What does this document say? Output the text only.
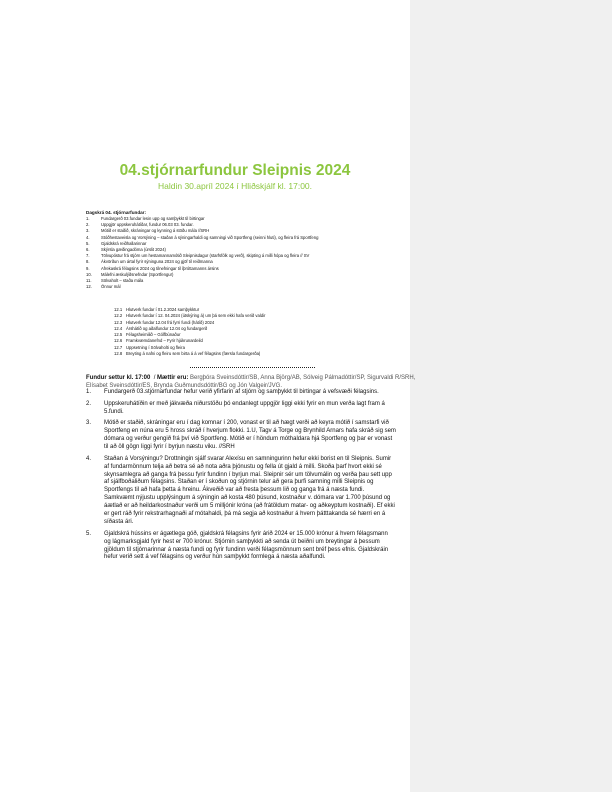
04.stjórnarfundur Sleipnis 2024
Haldin 30.apríl 2024 í Hliðskjálf kl. 17:00.
Dagskrá 04. stjórnarfundar:
1.	Fundargerð 03.fundar lesin upp og samþykkt til birtingar
2.	Uppgjör uppskeruhátíðar, fundur 06.03 03. fundar.
3.	Mótið er staðið, skráningar og kynning á stöðu mála //SRH
4.	Stóðhestaveisla og Vorsýning – staðan á sýningarhaldi og samningi við Sportfeng (seinni hluti), og fleira frá Sportfeng
5.	Gjaldskrá reiðhallarinnar
6.	Skýrsla gæðingadóma (úrslit 2024)
7.	Tölvupóstur frá stjórn um hestamannamótið Sleipnisdagur (starfsfólk og verð), skipting á milli hópa og fleira // SV
8.	Ákvörðun um ártal fyrir sýninguna 2024 og gjöf til reiðmanna
9.	Afrekaskrá félagsins 2024 og tilnefningar til íþróttamanns ársins
10.	Málefni æskulýðsnefndar (Sportfengur)
11.	Sölvaholt – staða mála
12.	Önnur mál
12.1 Hlutverk fundar í 01.2.2024 samþykktur
12.2 Hlutverk fundar í 12. 04.2024 (útskýring á) um þá sem ekki hafa verið valdir
12.3 Hlutverk fundar 12.04 frá fyrri fundi (hátíð) 2024
12.4 Árshátíð og aðalfundur 12.04 og fundargerð
12.5 Félagsheimilið – Gólfbúnaður
12.6 Framkvæmdanefnd – Fyrir hjúkrunardeild
12.7 Uppsetning í Sölvaholti og fleira
12.8 Breyting á nafni og fleiru sem birta á á vef félagsins (færsla fundargerða)
Fundur settur kl. 17:00  / Mættir eru: Bergþóra Sveinsdóttir/SB, Anna Björg/AB, Sólveig Pálmadóttir/SP, Sigurvaldi R/SRH, Elísabet Sveinsdóttir/ES, Brynda Guðmundsdóttir/BG og Jón Valgeir/JVG.
1.	Fundargerð 03.stjórnarfundar hefur verið yfirfarin af stjórn og samþykkt til birtingar á vefsvæði félagsins.
2.	Uppskeruhátíðin er með jákvæða niðurstöðu þó endanlegt uppgjör liggi ekki fyrir en mun verða lagt fram á 5.fundi.
3.	Mótið er staðið, skráningar eru í dag komnar í 200, vonast er til að hægt verði að keyra mótið í samstarfi við Sportfeng en núna eru 5 hross skráð í hverjum flokki. 1.U, Tagv á Torge og Brynhild Arnars hafa skráð sig sem dómara og verður gengið frá því við Sportfeng. Mótið er í höndum móthaldara hjá Sportfeng og þar er vonast til að öll gögn liggi fyrir í byrjun næstu viku. //SRH
4.	Staðan á Vorsýningu? Drottningin sjálf svarar Alexísu en samningurinn hefur ekki borist en til Sleipnis. Sumir af fundarmönnum telja að betra sé að nota aðra þjónustu og fella út gjald á milli. Skoða þarf hvort ekki sé skynsamlegra að ganga frá þessu fyrir fundinn í byrjun maí. Sleipnir sér um tölvumálin og verða þau sett upp af sjálfboðaliðum félagsins. Staðan er í skoðun og stjórnin telur að gera þurfi samning milli Sleipnis og Sportfengs til að hafa þetta á hreinu. Ákveðið var að fresta þessum lið og ganga frá á næsta fundi. Samkvæmt nýjustu upplýsingum á sýningin að kosta 480 þúsund, kostnaður v. dómara var 1.700 þúsund og áætlað er að heildarkostnaður verði um 5 milljónir króna (að frátöldum matar- og aðkeyptum kostnaði). Ef ekki er gert ráð fyrir rekstrarhagnaði af mótahaldi, þá má segja að kostnaður á hvern þátttakanda sé hærri en á síðasta ári.
5.	Gjaldskrá hússins er ágætlega góð, gjaldskrá félagsins fyrir árið 2024 er 15.000 krónur á hvern félagsmann og lágmarksgjald fyrir hest er 700 krónur. Stjórnin samþykkti að senda út beiðni um breytingar á þessum gjöldum til stjórnarinnar á næsta fundi og fyrir fundinn verði félagsmönnum sent bréf þess efnis. Gjaldskráin hefur verið sett á vef félagsins og verður hún samþykkt formlega á næsta aðalfundi.
